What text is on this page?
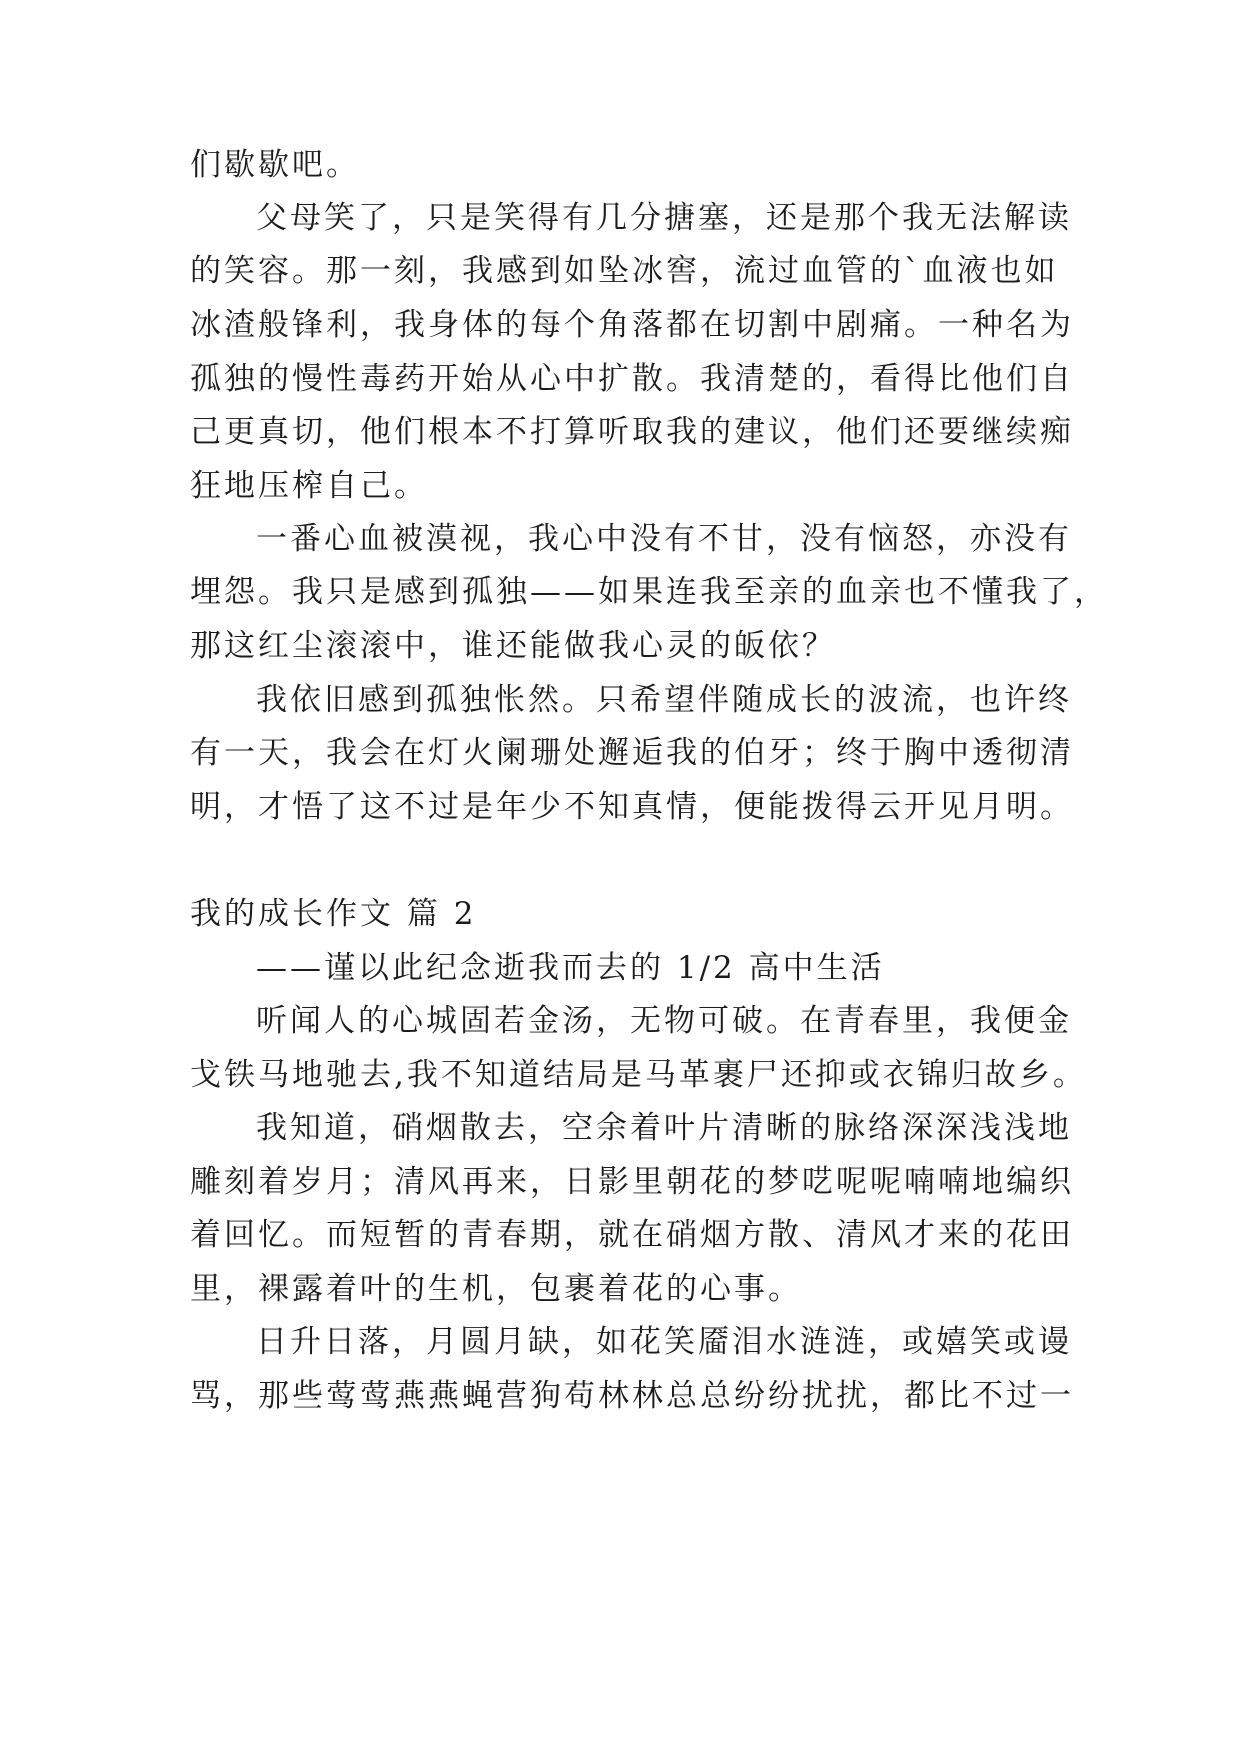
们歇歇吧。

父母笑了，只是笑得有几分搪塞，还是那个我无法解读

的笑容。那一刻，我感到如坠冰窖，流过血管的`血液也如

冰渣般锋利，我身体的每个角落都在切割中剧痛。一种名为

孤独的慢性毒药开始从心中扩散。我清楚的，看得比他们自

己更真切，他们根本不打算听取我的建议，他们还要继续痴

狂地压榨自己。

一番心血被漠视，我心中没有不甘，没有恼怒，亦没有

埋怨。我只是感到孤独——如果连我至亲的血亲也不懂我了，

那这红尘滚滚中，谁还能做我心灵的皈依？

我依旧感到孤独怅然。只希望伴随成长的波流，也许终

有一天，我会在灯火阑珊处邂逅我的伯牙；终于胸中透彻清

明，才悟了这不过是年少不知真情，便能拨得云开见月明。

我的成长作文 篇 2

——谨以此纪念逝我而去的 1/2 高中生活

听闻人的心城固若金汤，无物可破。在青春里，我便金

戈铁马地驰去,我不知道结局是马革裹尸还抑或衣锦归故乡。

我知道，硝烟散去，空余着叶片清晰的脉络深深浅浅地

雕刻着岁月；清风再来，日影里朝花的梦呓呢呢喃喃地编织

着回忆。而短暂的青春期，就在硝烟方散、清风才来的花田

里，裸露着叶的生机，包裹着花的心事。

日升日落，月圆月缺，如花笑靥泪水涟涟，或嬉笑或谩

骂，那些莺莺燕燕蝇营狗苟林林总总纷纷扰扰，都比不过一
